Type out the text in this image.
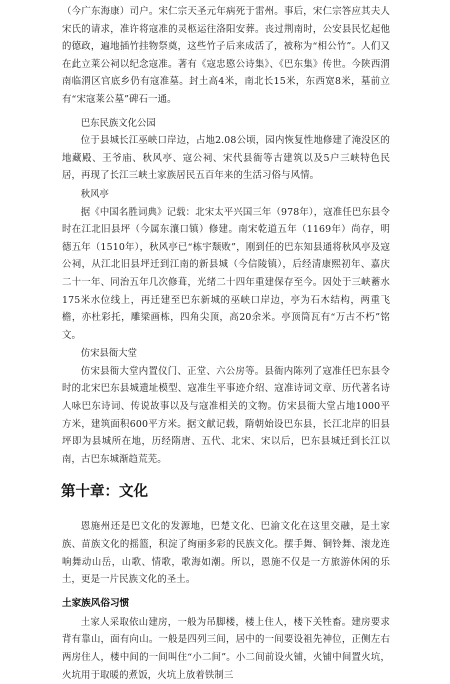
（今广东海康）司户。宋仁宗天圣元年病死于雷州。事后，宋仁宗答应其夫人宋氏的请求，准许将寇准的灵柩运往洛阳安葬。丧过荆南时，公安县民忆起他的德政，遍地插竹挂物祭奠，这些竹子后来成活了，被称为“相公竹”。人们又在此立莱公祠以纪念寇准。著有《寇忠愍公诗集》、《巴东集》传世。今陕西渭南临渭区官底乡仍有寇准墓。封土高4米，南北长15米，东西宽8米，墓前立有“宋寇莱公墓”碑石一通。

巴东民族文化公园

位于县城长江巫峡口岸边，占地2.08公顷，园内恢复性地修建了淹没区的地藏殿、王爷庙、秋风亭、寇公祠、宋代县衙等古建筑以及5户三峡特色民居，再现了长江三峡土家族居民五百年来的生活习俗与风情。

秋风亭

据《中国名胜词典》记载：北宋太平兴国三年（978年），寇准任巴东县令时在江北旧县坪（今属东瀼口镇）修建。南宋乾道五年（1169年）尚存，明德五年（1510年），秋风亭已“栋宇颓败”，刚到任的巴东知县通将秋风亭及寇公祠，从江北旧县坪迁到江南的新县城（今信陵镇），后经清康熙初年、嘉庆二十一年、同治五年几次修葺，光绪二十四年重建保存至今。因处于三峡蓄水175米水位线上，再迁建至巴东新城的巫峡口岸边，亭为石木结构，两重飞檐，亦杜彩托，雕梁画栋，四角尖顶，高20余米。亭顶筒瓦有“万古不朽”铭文。

仿宋县衙大堂

仿宋县衙大堂内置仪门、正堂、六公房等。县衙内陈列了寇准任巴东县令时的北宋巴东县城遗址模型、寇准生平事迹介绍、寇准诗词文章、历代著名诗人咏巴东诗词、传说故事以及与寇准相关的文物。仿宋县衙大堂占地1000平方米，建筑面积600平方米。据文献记载，隋朝始设巴东县，长江北岸的旧县坪即为县城所在地，历经隋唐、五代、北宋、宋以后，巴东县城迁到长江以南，古巴东城渐趋荒芜。

第十章：文化

恩施州还是巴文化的发源地，巴楚文化、巴渝文化在这里交融，是土家族、苗族文化的摇篮，积淀了绚丽多彩的民族文化。摆手舞、铜铃舞、滚龙连响舞动山岳，山歌、情歌，歌海如潮。所以，恩施不仅是一方旅游休闲的乐土，更是一片民族文化的圣土。

土家族风俗习惯

土家人采取依山建房，一般为吊脚楼，楼上住人，楼下关牲畜。建房要求背有靠山，面有向山。一般是四列三间，居中的一间要设祖先神位，正侧左右两房住人，楼中间的一间叫住“小二间”。小二间前设火铺，火铺中间置火坑，火坑用于取暖的煮饭，火坑上放着铁制三
